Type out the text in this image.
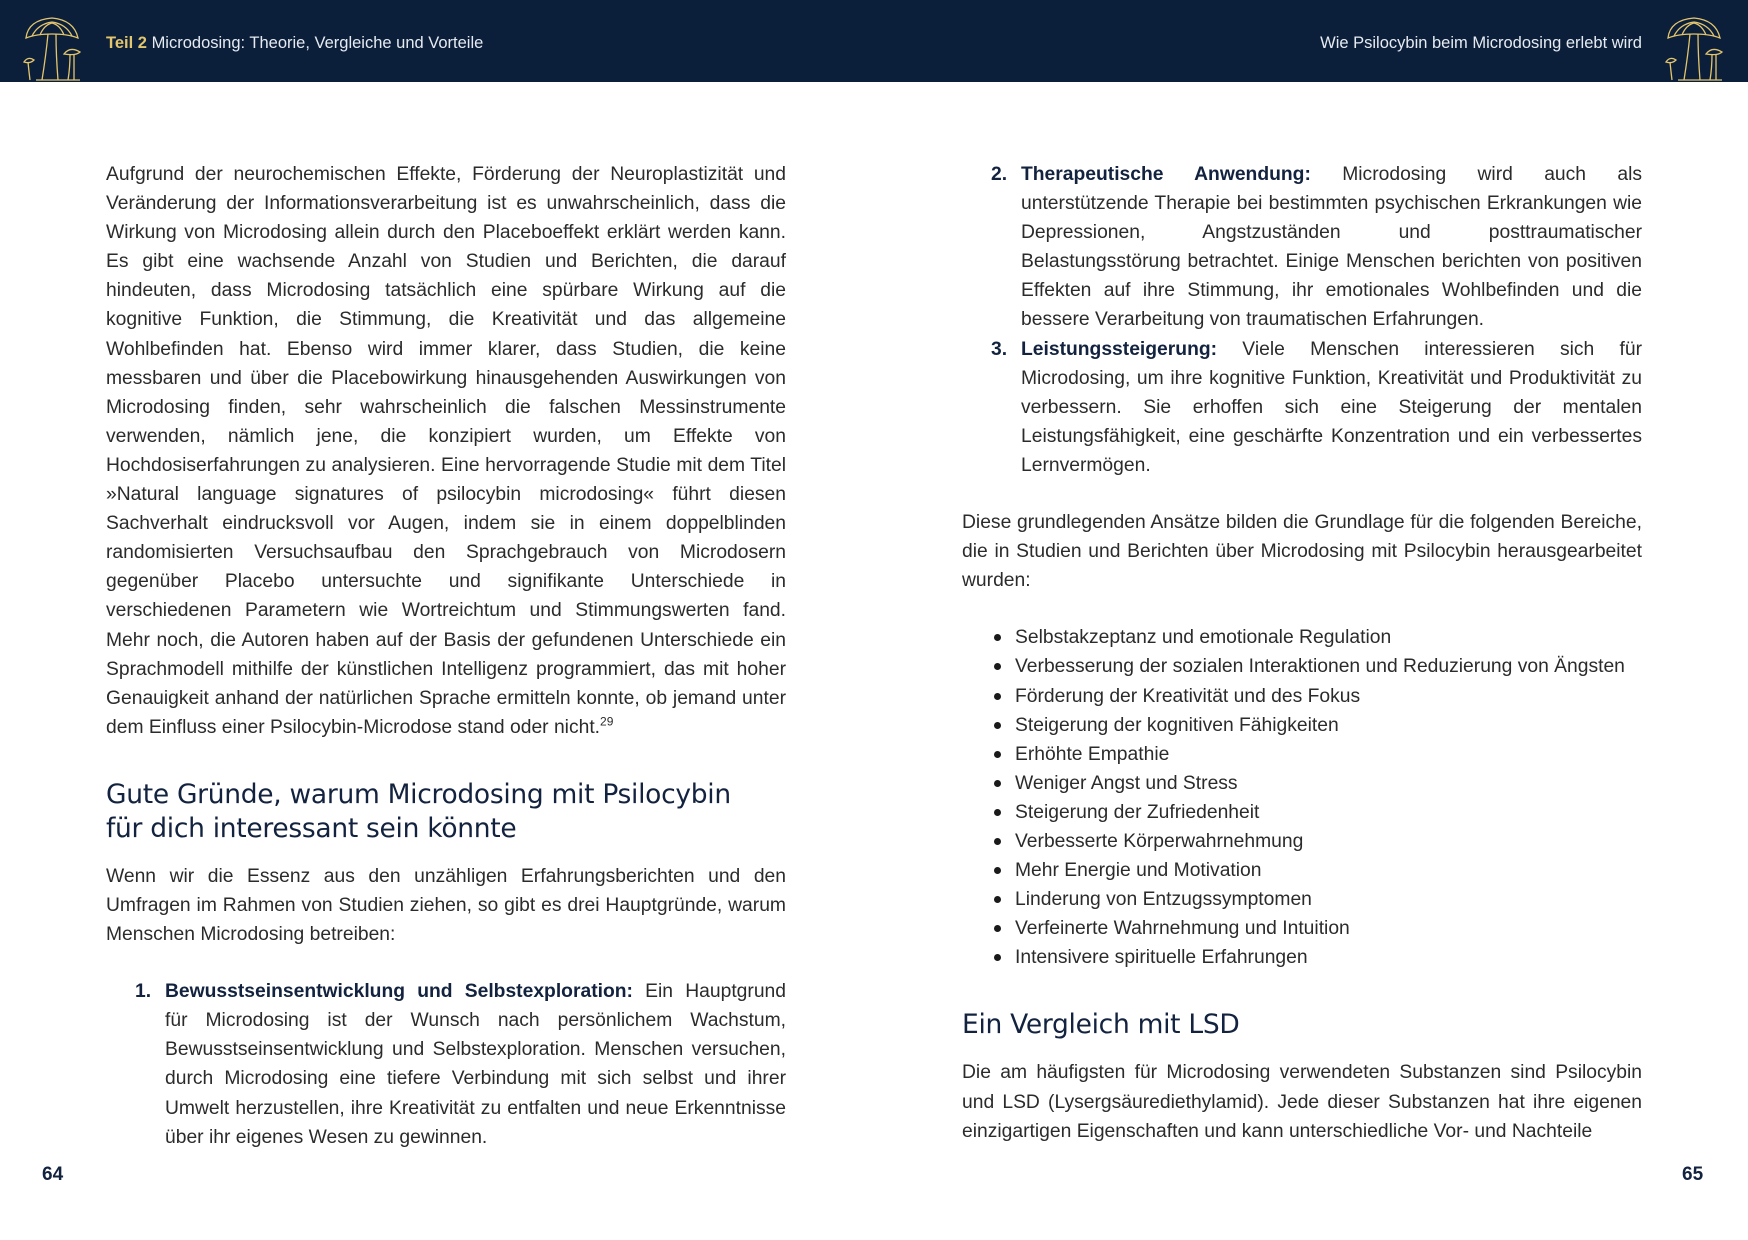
Teil 2 Microdosing: Theorie, Vergleiche und Vorteile	Wie Psilocybin beim Microdosing erlebt wird

Aufgrund der neurochemischen Effekte, Förderung der Neuroplastizität und Veränderung der Informationsverarbeitung ist es unwahrscheinlich, dass die Wirkung von Microdosing allein durch den Placeboeffekt erklärt werden kann. Es gibt eine wachsende Anzahl von Studien und Berichten, die darauf hindeuten, dass Microdosing tatsächlich eine spürbare Wirkung auf die kognitive Funktion, die Stimmung, die Kreativität und das allgemeine Wohlbefinden hat. Ebenso wird immer klarer, dass Studien, die keine messbaren und über die Placebowirkung hinausgehenden Auswirkungen von Microdosing finden, sehr wahrscheinlich die falschen Messinstrumente verwenden, nämlich jene, die konzipiert wurden, um Effekte von Hochdosiserfahrungen zu analysieren. Eine hervorragende Studie mit dem Titel »Natural language signatures of psilocybin microdosing« führt diesen Sachverhalt eindrucksvoll vor Augen, indem sie in einem doppelblinden randomisierten Versuchsaufbau den Sprachgebrauch von Microdosern gegenüber Placebo untersuchte und signifikante Unterschiede in verschiedenen Parametern wie Wortreichtum und Stimmungswerten fand. Mehr noch, die Autoren haben auf der Basis der gefundenen Unterschiede ein Sprachmodell mithilfe der künstlichen Intelligenz programmiert, das mit hoher Genauigkeit anhand der natürlichen Sprache ermitteln konnte, ob jemand unter dem Einfluss einer Psilocybin-Microdose stand oder nicht.$^{29}$

Gute Gründe, warum Microdosing mit Psilocybin
für dich interessant sein könnte

Wenn wir die Essenz aus den unzähligen Erfahrungsberichten und den Umfragen im Rahmen von Studien ziehen, so gibt es drei Hauptgründe, warum Menschen Microdosing betreiben:

1. Bewusstseinsentwicklung und Selbstexploration: Ein Hauptgrund für Microdosing ist der Wunsch nach persönlichem Wachstum, Bewusstseinsentwicklung und Selbstexploration. Menschen versuchen, durch Microdosing eine tiefere Verbindung mit sich selbst und ihrer Umwelt herzustellen, ihre Kreativität zu entfalten und neue Erkenntnisse über ihr eigenes Wesen zu gewinnen.
2. Therapeutische Anwendung: Microdosing wird auch als unterstützende Therapie bei bestimmten psychischen Erkrankungen wie Depressionen, Angstzuständen und posttraumatischer Belastungsstörung betrachtet. Einige Menschen berichten von positiven Effekten auf ihre Stimmung, ihr emotionales Wohlbefinden und die bessere Verarbeitung von traumatischen Erfahrungen.
3. Leistungssteigerung: Viele Menschen interessieren sich für Microdosing, um ihre kognitive Funktion, Kreativität und Produktivität zu verbessern. Sie erhoffen sich eine Steigerung der mentalen Leistungsfähigkeit, eine geschärfte Konzentration und ein verbessertes Lernvermögen.

Diese grundlegenden Ansätze bilden die Grundlage für die folgenden Bereiche, die in Studien und Berichten über Microdosing mit Psilocybin herausgearbeitet wurden:

Selbstakzeptanz und emotionale Regulation
Verbesserung der sozialen Interaktionen und Reduzierung von Ängsten
Förderung der Kreativität und des Fokus
Steigerung der kognitiven Fähigkeiten
Erhöhte Empathie
Weniger Angst und Stress
Steigerung der Zufriedenheit
Verbesserte Körperwahrnehmung
Mehr Energie und Motivation
Linderung von Entzugssymptomen
Verfeinerte Wahrnehmung und Intuition
Intensivere spirituelle Erfahrungen
Ein Vergleich mit LSD

Die am häufigsten für Microdosing verwendeten Substanzen sind Psilocybin und LSD (Lysergsäurediethylamid). Jede dieser Substanzen hat ihre eigenen einzigartigen Eigenschaften und kann unterschiedliche Vor- und Nachteile

64	65
